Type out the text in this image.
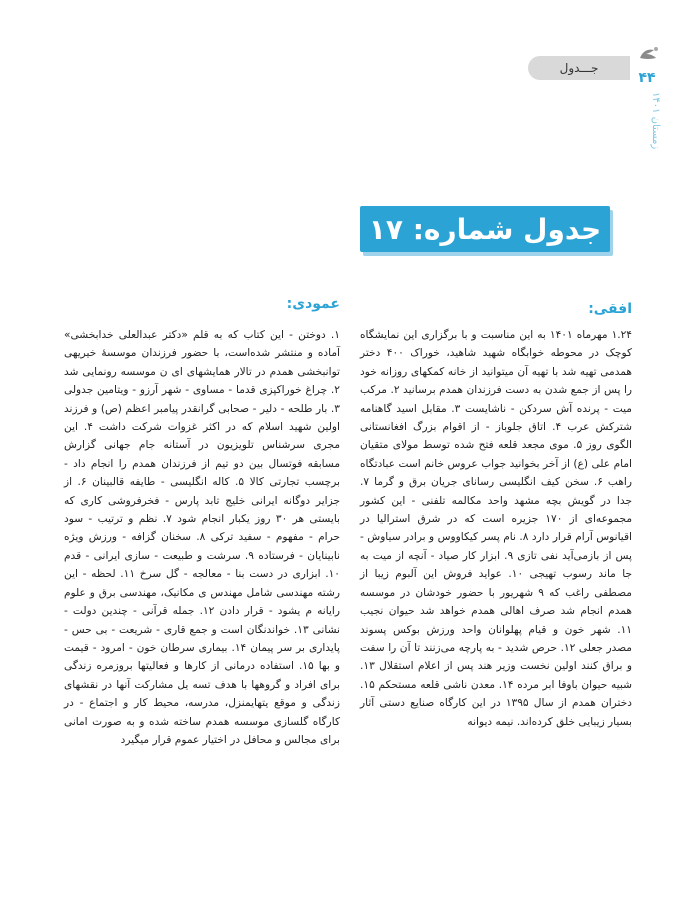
جـــدول
۴۴
زمستان ۱۴۰۱
جدول شماره: ۱۷
افقی:
عمودی:
۱.۲۴ مهرماه ۱۴۰۱ به این مناسبت و با برگزاری این نمایشگاه کوچک در محوطه خوابگاه شهید شاهید، خوراک ۴۰۰ دختر همدمی تهیه شد با تهیه آن میتوانید از خانه کمکهای روزانه خود را پس از جمع شدن به دست فرزندان همدم برسانید ۲. مرکب میت - پرنده آش سردکن - ناشایست ۳. مقابل اسید گاهنامه شترکش عرب ۴. اتاق جلوباز - از اقوام بزرگ افغانستانی الگوی روز ۵. موی مجعد قلعه فتح شده توسط مولای متقیان امام علی (ع) از آخر بخوانید جواب عروس خانم است عبادتگاه راهب ۶. سخن کیف انگلیسی رسانای جریان برق و گرما ۷. جدا در گویش بچه مشهد واحد مکالمه تلفنی - این کشور مجموعه‌ای از ۱۷۰ جزیره است که در شرق استرالیا در اقیانوس آرام قرار دارد ۸. نام پسر کیکاووس و برادر سیاوش - پس از بازمی‌آید نفی تازی ۹. ابزار کار صیاد - آنچه از میت به جا ماند رسوب تهیجی ۱۰. عواید فروش این آلبوم زیبا از مصطفی راغب که ۹ شهریور با حضور خودشان در موسسه همدم انجام شد صرف اهالی همدم خواهد شد حیوان نجیب ۱۱. شهر خون و قیام پهلوانان واحد ورزش بوکس پسوند مصدر جعلی ۱۲. حرص شدید - به پارچه می‌زنند تا آن را سفت و براق کنند اولین نخست وزیر هند پس از اعلام استقلال ۱۳. شبیه حیوان باوفا ابر مرده ۱۴. معدن ناشی قلعه مستحکم ۱۵. دختران همدم از سال ۱۳۹۵ در این کارگاه صنایع دستی آثار بسیار زیبایی خلق کرده‌اند. نیمه دیوانه
۱. دوختن - این کتاب که به قلم «دکتر عبدالعلی خدابخشی» آماده و منتشر شده‌است، با حضور فرزندان موسسهٔ خیریهی توانبخشی همدم در تالار همایشهای ای ن موسسه رونمایی شد ۲. چراغ خوراکپزی قدما - مساوی - شهر آرزو - ویتامین جدولی ۳. بار طلحه - دلیر - صحابی گرانقدر پیامبر اعظم (ص) و فرزند اولین شهید اسلام که در اکثر غزوات شرکت داشت ۴. این مجری سرشناس تلویزیون در آستانه جام جهانی گزارش مسابقه فوتسال بین دو تیم از فرزندان همدم را انجام داد - برچسب تجارتی کالا ۵. کاله انگلیسی - طایفه قالبینان ۶. از جزایر دوگانه ایرانی خلیج تابد پارس - فخرفروشی کاری که بایستی هر ۳۰ روز یکبار انجام شود ۷. نظم و ترتیب - سود حرام - مفهوم - سفید ترکی ۸. سخنان گزافه - ورزش ویژه نابینایان - فرستاده ۹. سرشت و طبیعت - سازی ایرانی - قدم ۱۰. ابزاری در دست بنا - معالجه - گل سرخ ۱۱. لحظه - این رشته مهندسی شامل مهندس ی مکانیک، مهندسی برق و علوم رایانه م یشود - قرار دادن ۱۲. جمله قرآنی - چندین دولت - نشانی ۱۳. خواندنگان است و جمع قاری - شریعت - بی حس - پایداری بر سر پیمان ۱۴. بیماری سرطان خون - امرود - قیمت و بها ۱۵. استفاده درمانی از کارها و فعالیتها بروزمره زندگی برای افراد و گروهها با هدف تسه یل مشارکت آنها در نقشهای زندگی و موقع یتهایمنزل، مدرسه، محیط کار و اجتماع - در کارگاه گلسازی موسسه همدم ساخته شده و به صورت امانی برای مجالس و محافل در اختیار عموم قرار میگیرد
